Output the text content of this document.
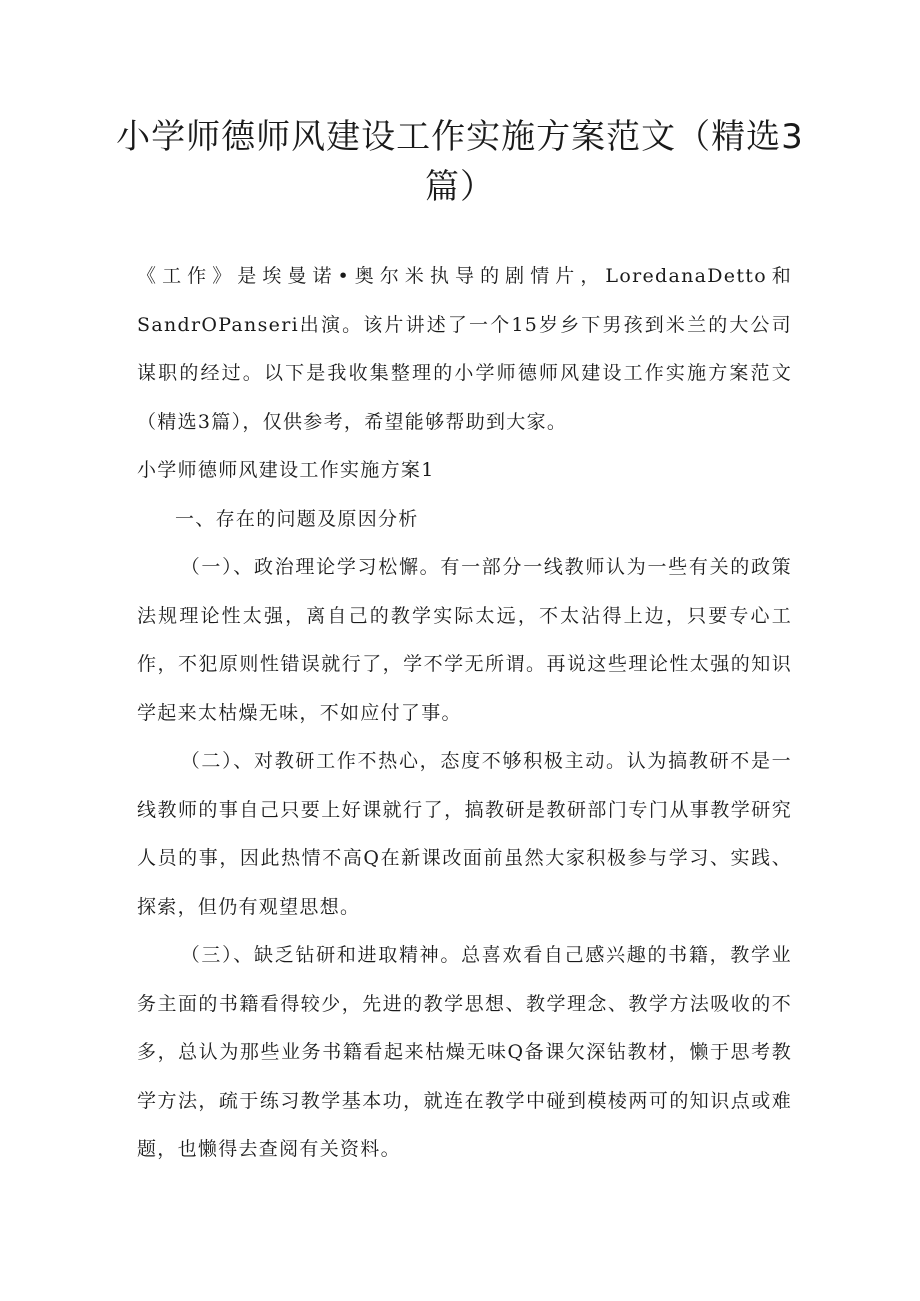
小学师德师风建设工作实施方案范文（精选3篇）

《工作》是埃曼诺•奥尔米执导的剧情片，LoredanaDetto和SandrOPanseri出演。该片讲述了一个15岁乡下男孩到米兰的大公司谋职的经过。以下是我收集整理的小学师德师风建设工作实施方案范文（精选3篇），仅供参考，希望能够帮助到大家。

小学师德师风建设工作实施方案1

一、存在的问题及原因分析

（一）、政治理论学习松懈。有一部分一线教师认为一些有关的政策法规理论性太强，离自己的教学实际太远，不太沾得上边，只要专心工作，不犯原则性错误就行了，学不学无所谓。再说这些理论性太强的知识学起来太枯燥无味，不如应付了事。

（二）、对教研工作不热心，态度不够积极主动。认为搞教研不是一线教师的事自己只要上好课就行了，搞教研是教研部门专门从事教学研究人员的事，因此热情不高Q在新课改面前虽然大家积极参与学习、实践、探索，但仍有观望思想。

（三）、缺乏钻研和进取精神。总喜欢看自己感兴趣的书籍，教学业务主面的书籍看得较少，先进的教学思想、教学理念、教学方法吸收的不多，总认为那些业务书籍看起来枯燥无味Q备课欠深钻教材，懒于思考教学方法，疏于练习教学基本功，就连在教学中碰到模棱两可的知识点或难题，也懒得去查阅有关资料。
